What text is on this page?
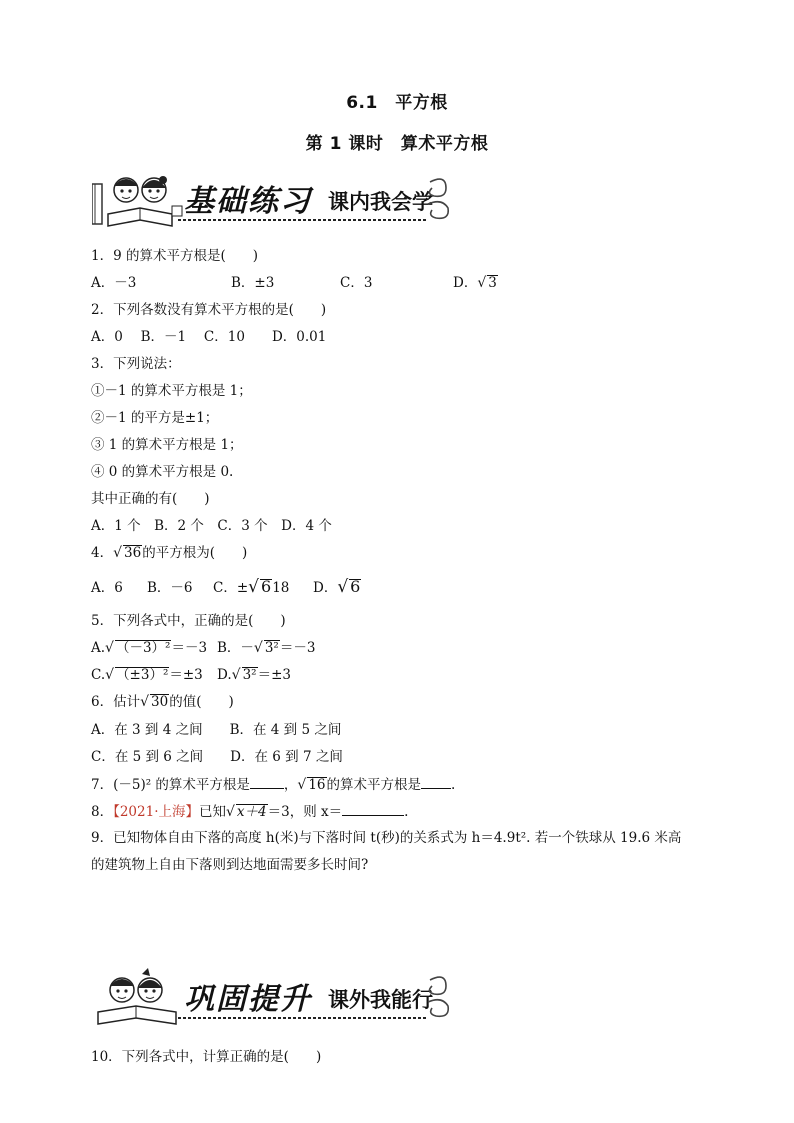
6.1　平方根
第 1 课时　算术平方根
基础练习 课内我会学
1．9 的算术平方根是(　　)
A．－3	B．±3	C．3	D．√ 3
2．下列各数没有算术平方根的是(　　)
A．0　 B．－1　 C．10　　D．0.01
3．下列说法：
①－1 的算术平方根是 1；
②－1 的平方是±1；
③ 1 的算术平方根是 1；
④ 0 的算术平方根是 0.
其中正确的有(　　)
A．1 个　B．2 个　C．3 个　D．4 个
4．√ 36的平方根为(　　)
A．6 B．－6 C．±√ 618 D．√ 6
5．下列各式中，正确的是(　　)
A.√ （－3）²＝－3 B．－√ 3²＝－3
C.√ （±3）²＝±3 D.√ 3²＝±3
6．估计√ 30的值(　　)
A．在 3 到 4 之间　　B．在 4 到 5 之间
C．在 5 到 6 之间　　D．在 6 到 7 之间
7．(－5)² 的算术平方根是	，√ 16的算术平方根是 .
8．【2021·上海】已知√ x＋4＝3，则 x＝	.
9．已知物体自由下落的高度 h(米)与下落时间 t(秒)的关系式为 h＝4.9t². 若一个铁球从 19.6 米高
的建筑物上自由下落则到达地面需要多长时间?
巩固提升 课外我能行
10．下列各式中，计算正确的是(　　)
